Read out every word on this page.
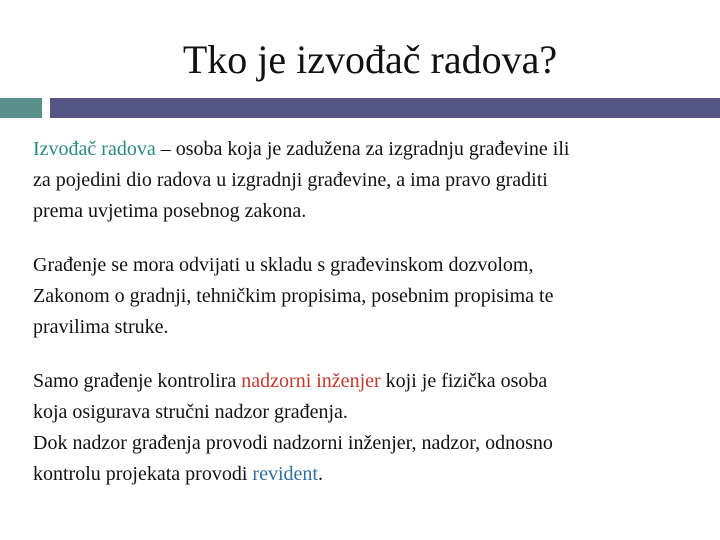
Tko je izvođač radova?
Izvođač radova – osoba koja je zadužena za izgradnju građevine ili
za pojedini dio radova u izgradnji građevine, a ima pravo graditi
prema uvjetima posebnog zakona.
Građenje se mora odvijati u skladu s građevinskom dozvolom,
Zakonom o gradnji, tehničkim propisima, posebnim propisima te
pravilima struke.
Samo građenje kontrolira nadzorni inženjer koji je fizička osoba
koja osigurava stručni nadzor građenja.
Dok nadzor građenja provodi nadzorni inženjer, nadzor, odnosno
kontrolu projekata provodi revident.
